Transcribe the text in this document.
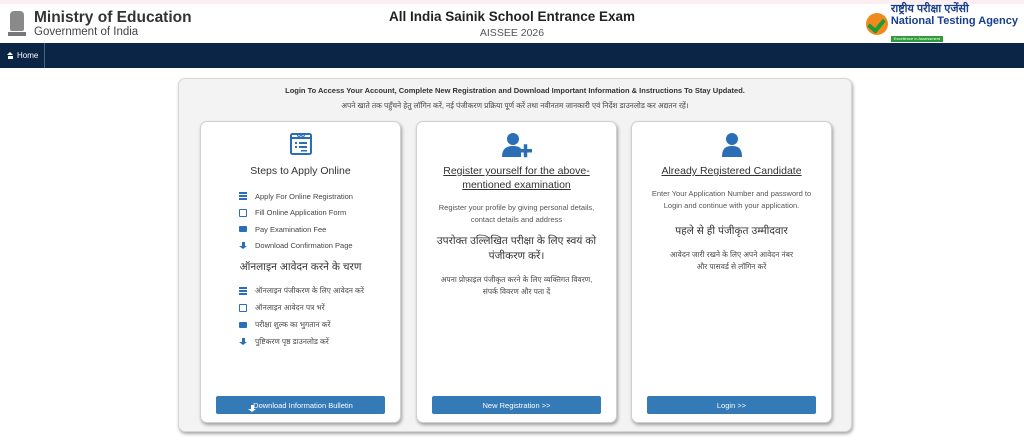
Ministry of Education
Government of India
All India Sainik School Entrance Exam
AISSEE 2026
राष्ट्रीय परीक्षा एजेंसी
National Testing Agency
Excellence in Assessment
Home
Login To Access Your Account, Complete New Registration and Download Important Information & Instructions To Stay Updated.
अपने खाते तक पहुँचने हेतु लॉगिन करें, नई पंजीकरण प्रक्रिया पूर्ण करें तथा नवीनतम जानकारी एवं निर्देश डाउनलोड कर अद्यतन रहें।
Steps to Apply Online
Apply For Online Registration
Fill Online Application Form
Pay Examination Fee
Download Confirmation Page
ऑनलाइन आवेदन करने के चरण
ऑनलाइन पंजीकरण के लिए आवेदन करें
ऑनलाइन आवेदन पत्र भरें
परीक्षा शुल्क का भुगतान करें
पुष्टिकरण पृष्ठ डाउनलोड करें
Download Information Bulletin
Register yourself for the above-mentioned examination
Register your profile by giving personal details, contact details and address
उपरोक्त उल्लिखित परीक्षा के लिए स्वयं को पंजीकरण करें।
अपना प्रोफ़ाइल पंजीकृत करने के लिए व्यक्तिगत विवरण, संपर्क विवरण और पता दें
New Registration >>
Already Registered Candidate
Enter Your Application Number and password to Login and continue with your application.
पहले से ही पंजीकृत उम्मीदवार
आवेदन जारी रखने के लिए अपने आवेदन नंबर और पासवर्ड से लॉगिन करें
Login >>
